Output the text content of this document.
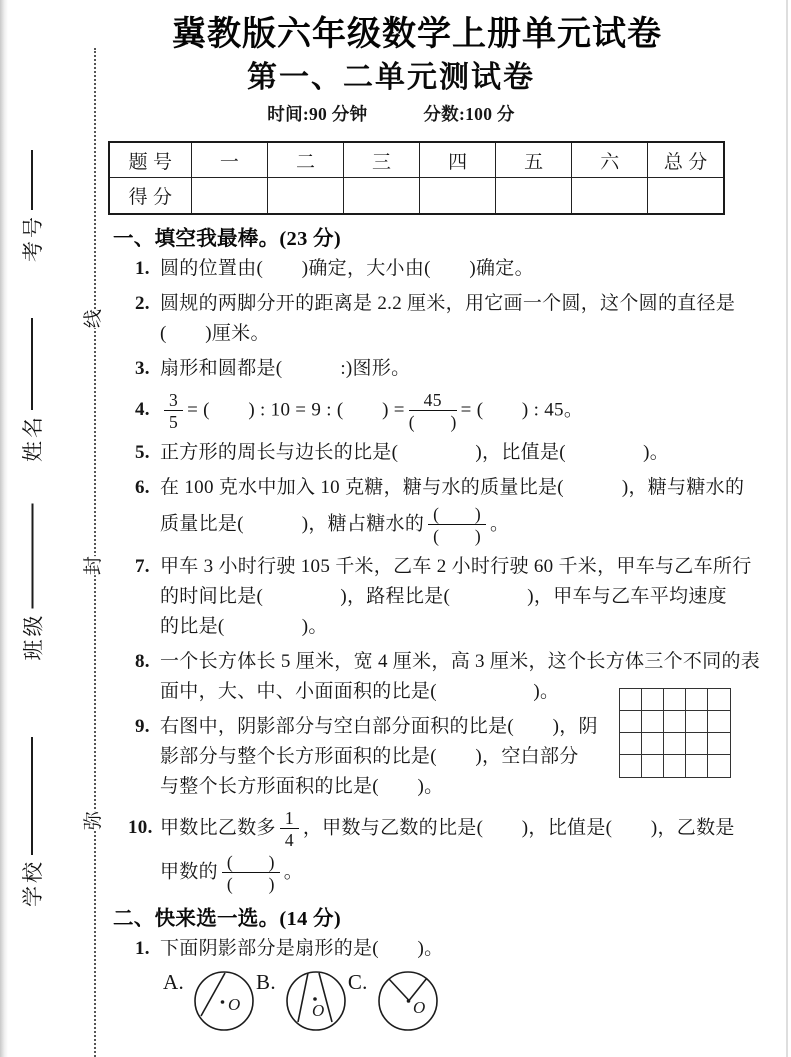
考号
姓名
班级
学校
线
封
弥
冀教版六年级数学上册单元试卷
第一、二单元测试卷
时间:90 分钟	分数:100 分
题 号	一	二	三	四	五	六	总 分
得 分							
一、填空我最棒。(23 分)
1. 圆的位置由(　　)确定，大小由(　　)确定。
2. 圆规的两脚分开的距离是 2.2 厘米，用它画一个圆，这个圆的直径是
(　　)厘米。
3. 扇形和圆都是(　　　:)图形。
4. $\frac{3}{5}$ = (　　) : 10 = 9 : (　　) = $\frac{45}{( )}$ = (　　) : 45。
5. 正方形的周长与边长的比是(　　　　)，比值是(　　　　)。
6. 在 100 克水中加入 10 克糖，糖与水的质量比是(　　　)，糖与糖水的
质量比是(　　　)，糖占糖水的 $\frac{( )}{( )}$ 。
7. 甲车 3 小时行驶 105 千米，乙车 2 小时行驶 60 千米，甲车与乙车所行
的时间比是(　　　　)，路程比是(　　　　)，甲车与乙车平均速度
的比是(　　　　)。
8. 一个长方体长 5 厘米，宽 4 厘米，高 3 厘米，这个长方体三个不同的表
面中，大、中、小面面积的比是(　　　　　)。
9. 右图中，阴影部分与空白部分面积的比是(　　)，阴
影部分与整个长方形面积的比是(　　)，空白部分
与整个长方形面积的比是(　　)。
10. 甲数比乙数多 $\frac{1}{4}$ ，甲数与乙数的比是(　　)，比值是(　　)，乙数是
甲数的 $\frac{( )}{( )}$ 。
二、快来选一选。(14 分)
1. 下面阴影部分是扇形的是(　　)。
A.
O
B.
O
C.
O
